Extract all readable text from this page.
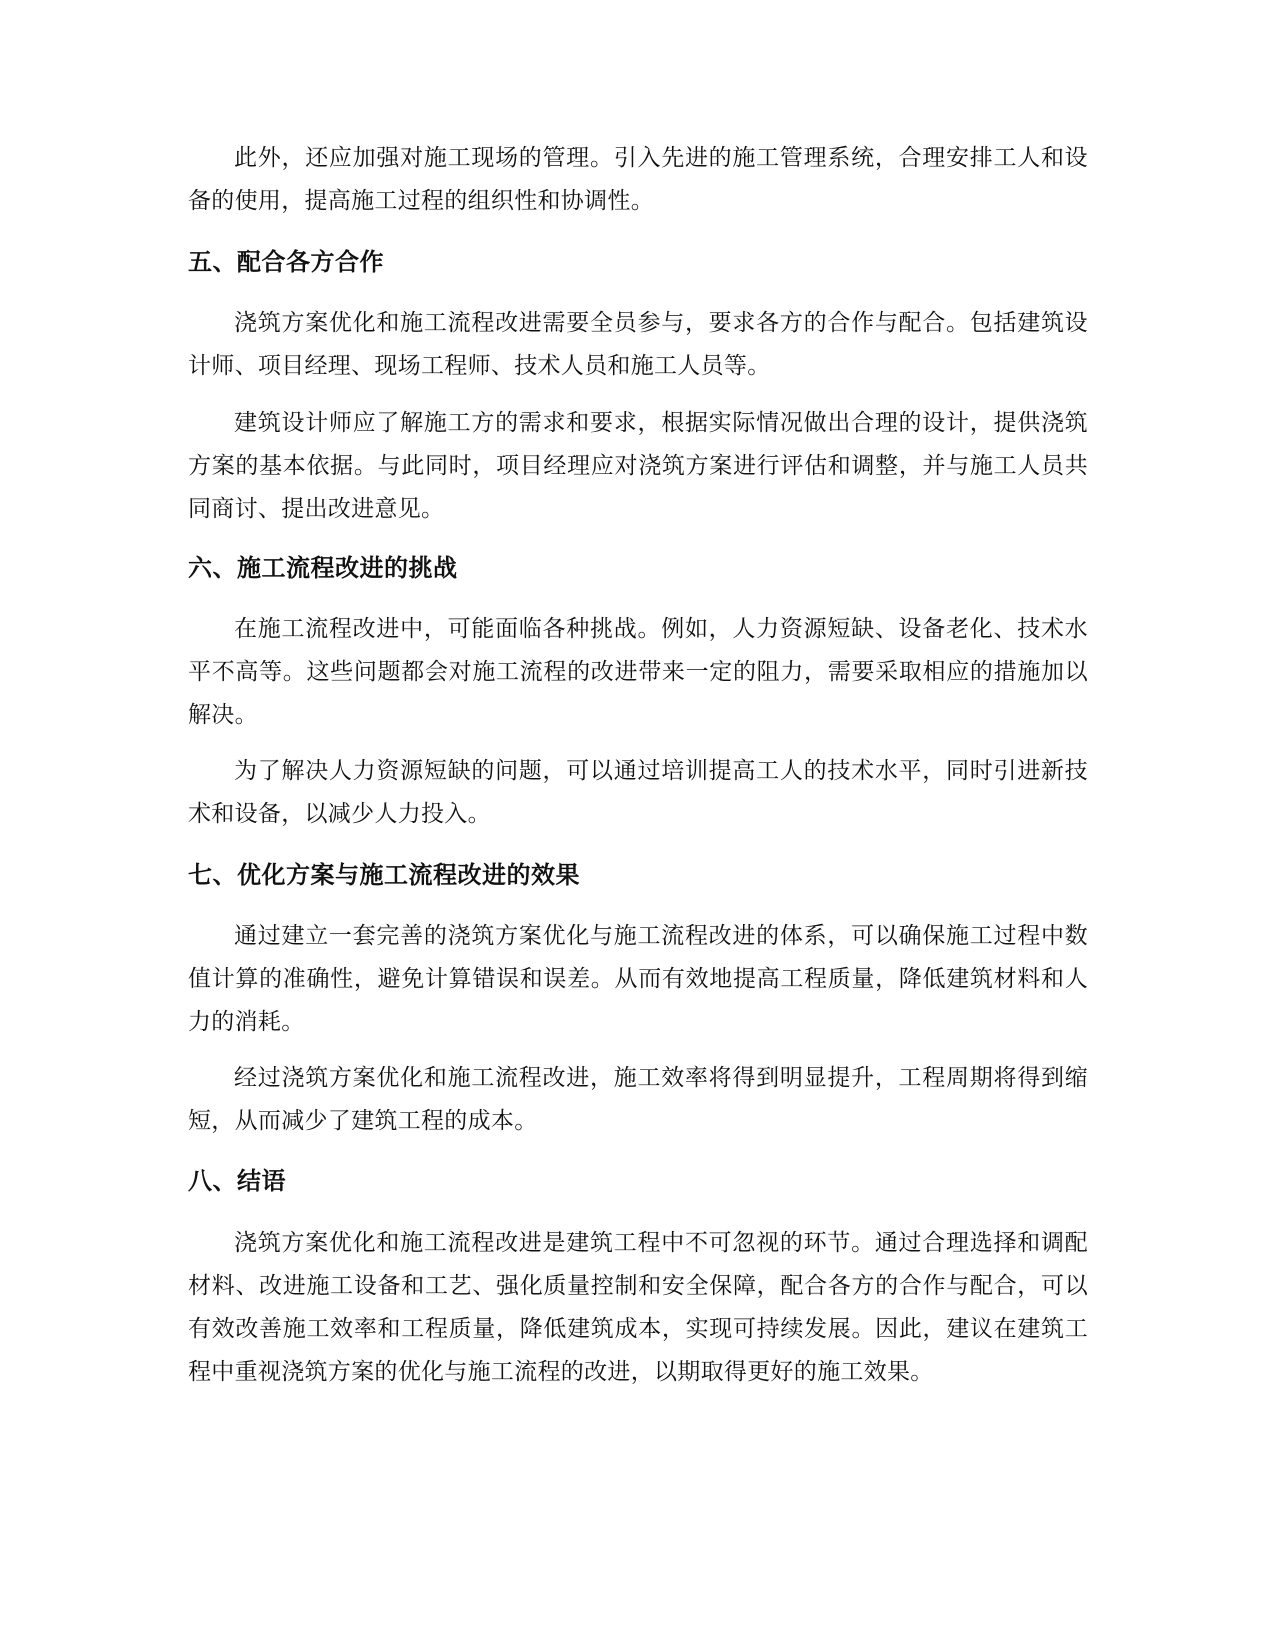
此外，还应加强对施工现场的管理。引入先进的施工管理系统，合理安排工人和设备的使用，提高施工过程的组织性和协调性。

五、配合各方合作

浇筑方案优化和施工流程改进需要全员参与，要求各方的合作与配合。包括建筑设计师、项目经理、现场工程师、技术人员和施工人员等。

建筑设计师应了解施工方的需求和要求，根据实际情况做出合理的设计，提供浇筑方案的基本依据。与此同时，项目经理应对浇筑方案进行评估和调整，并与施工人员共同商讨、提出改进意见。

六、施工流程改进的挑战

在施工流程改进中，可能面临各种挑战。例如，人力资源短缺、设备老化、技术水平不高等。这些问题都会对施工流程的改进带来一定的阻力，需要采取相应的措施加以解决。

为了解决人力资源短缺的问题，可以通过培训提高工人的技术水平，同时引进新技术和设备，以减少人力投入。

七、优化方案与施工流程改进的效果

通过建立一套完善的浇筑方案优化与施工流程改进的体系，可以确保施工过程中数值计算的准确性，避免计算错误和误差。从而有效地提高工程质量，降低建筑材料和人力的消耗。

经过浇筑方案优化和施工流程改进，施工效率将得到明显提升，工程周期将得到缩短，从而减少了建筑工程的成本。

八、结语

浇筑方案优化和施工流程改进是建筑工程中不可忽视的环节。通过合理选择和调配材料、改进施工设备和工艺、强化质量控制和安全保障，配合各方的合作与配合，可以有效改善施工效率和工程质量，降低建筑成本，实现可持续发展。因此，建议在建筑工程中重视浇筑方案的优化与施工流程的改进，以期取得更好的施工效果。
